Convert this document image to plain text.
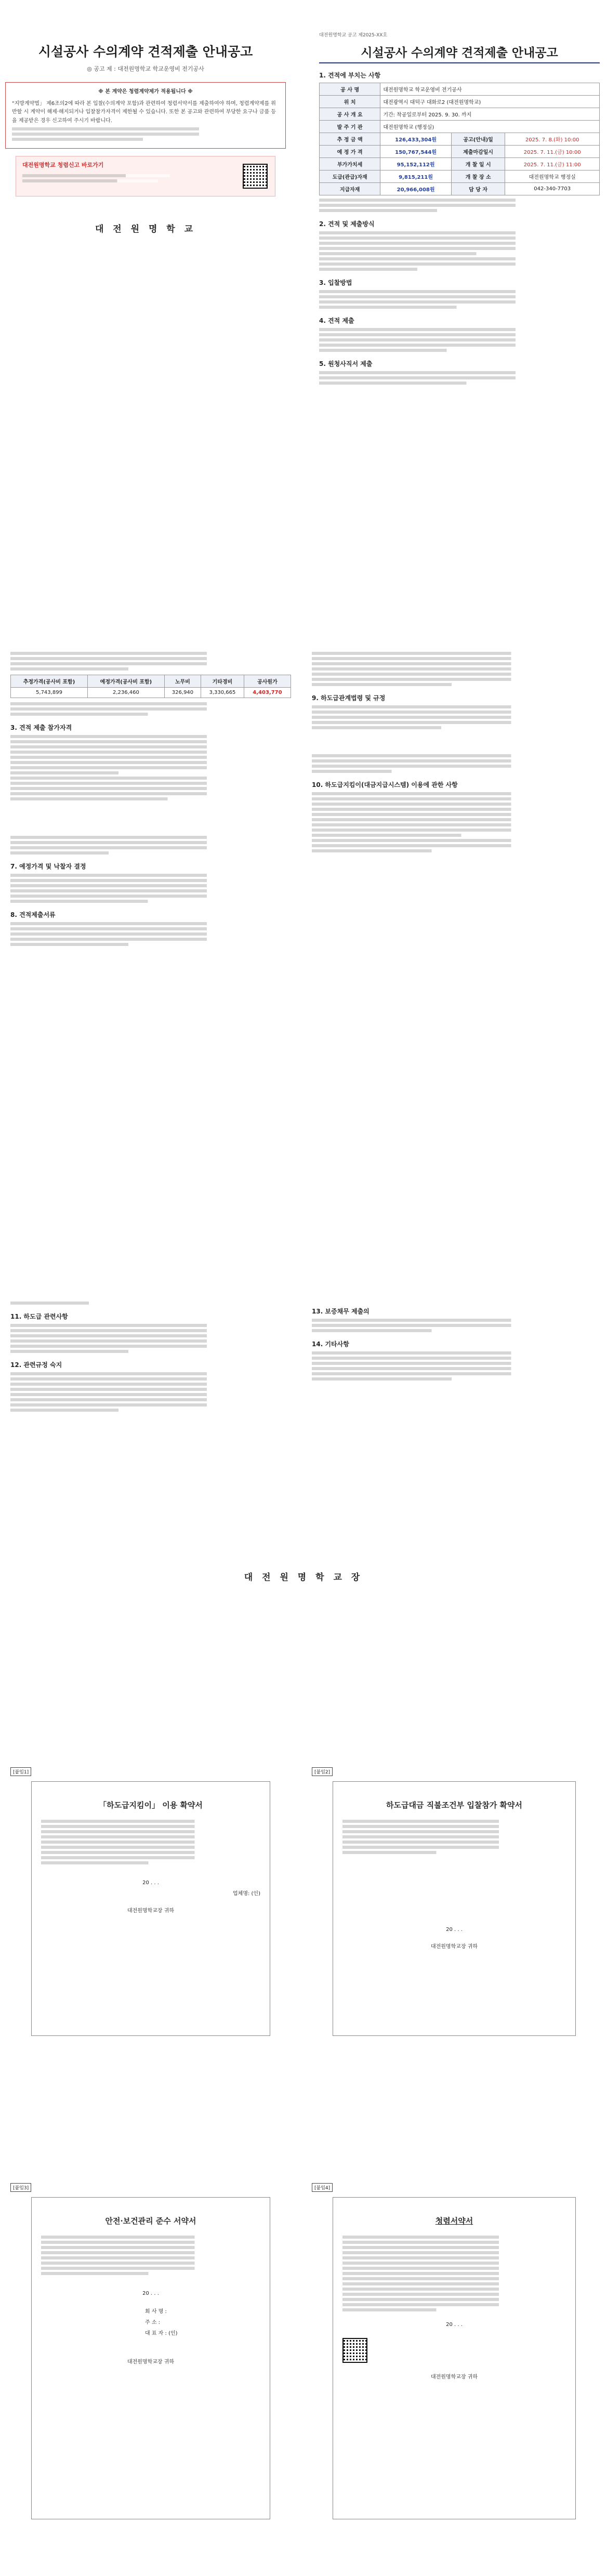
시설공사 수의계약 견적제출 안내공고
◎ 공고 제 : 대전원명학교 학교운영비 전기공사
※ 본 계약은 청렴계약제가 적용됩니다 ※
"지방계약법」 제6조의2에 따라 본 입찰(수의계약 포함)과 관련하여 청렴서약서를 제출하여야 하며, 청렴계약제를 위반할 시 계약이 해제·해지되거나 입찰참가자격이 제한될 수 있습니다. 또한 본 공고와 관련하여 부당한 요구나 금품 등을 제공받은 경우 신고하여 주시기 바랍니다.
대전원명학교 청렴신고 바로가기
대 전 원 명 학 교
대전원명학교 공고 제2025-XX호
시설공사 수의계약 견적제출 안내공고
1. 견적에 부치는 사항
공 사 명	대전원명학교 학교운영비 전기공사		
위 치	대전광역시 대덕구 대화로2 (대전원명학교)		
공 사 개 요	기간: 착공일로부터 2025. 9. 30. 까지		
발 주 기 관	대전원명학교 (행정실)		
추 정 금 액	126,433,304원	공고(안내)일	2025. 7. 8.(화) 10:00
예 정 가 격	150,767,544원	제출마감일시	2025. 7. 11.(금) 10:00
부가가치세	95,152,112원	개 찰 일 시	2025. 7. 11.(금) 11:00
도급(관급)자재	9,815,211원	개 찰 장 소	대전원명학교 행정실
지급자재	20,966,008원	담 당 자	042-340-7703
2. 견적 및 제출방식
3. 입찰방법
4. 견적 제출
5. 원청사직서 제출
추정가격(공사비 포함)	예정가격(공사비 포함)	노무비	기타경비	공사원가
5,743,899	2,236,460	326,940	3,330,665	4,403,770
3. 견적 제출 참가자격
7. 예정가격 및 낙찰자 결정
8. 견적제출서류
9. 하도급관계법령 및 규정
10. 하도급지킴이(대금지급시스템) 이용에 관한 사항
11. 하도급 관련사항
12. 관련규정 숙지
13. 보증채무 제출의
14. 기타사항
대 전 원 명 학 교 장
[붙임1]
「하도급지킴이」 이용 확약서
20 . . .
업체명: (인)
대전원명학교장 귀하
[붙임2]
하도급대금 직불조건부 입찰참가 확약서
20 . . .
대전원명학교장 귀하
[붙임3]
안전·보건관리 준수 서약서
20 . . .
회 사 명 :
주 소 :
대 표 자 : (인)
대전원명학교장 귀하
[붙임4]
청렴서약서
20 . . .
대전원명학교장 귀하
